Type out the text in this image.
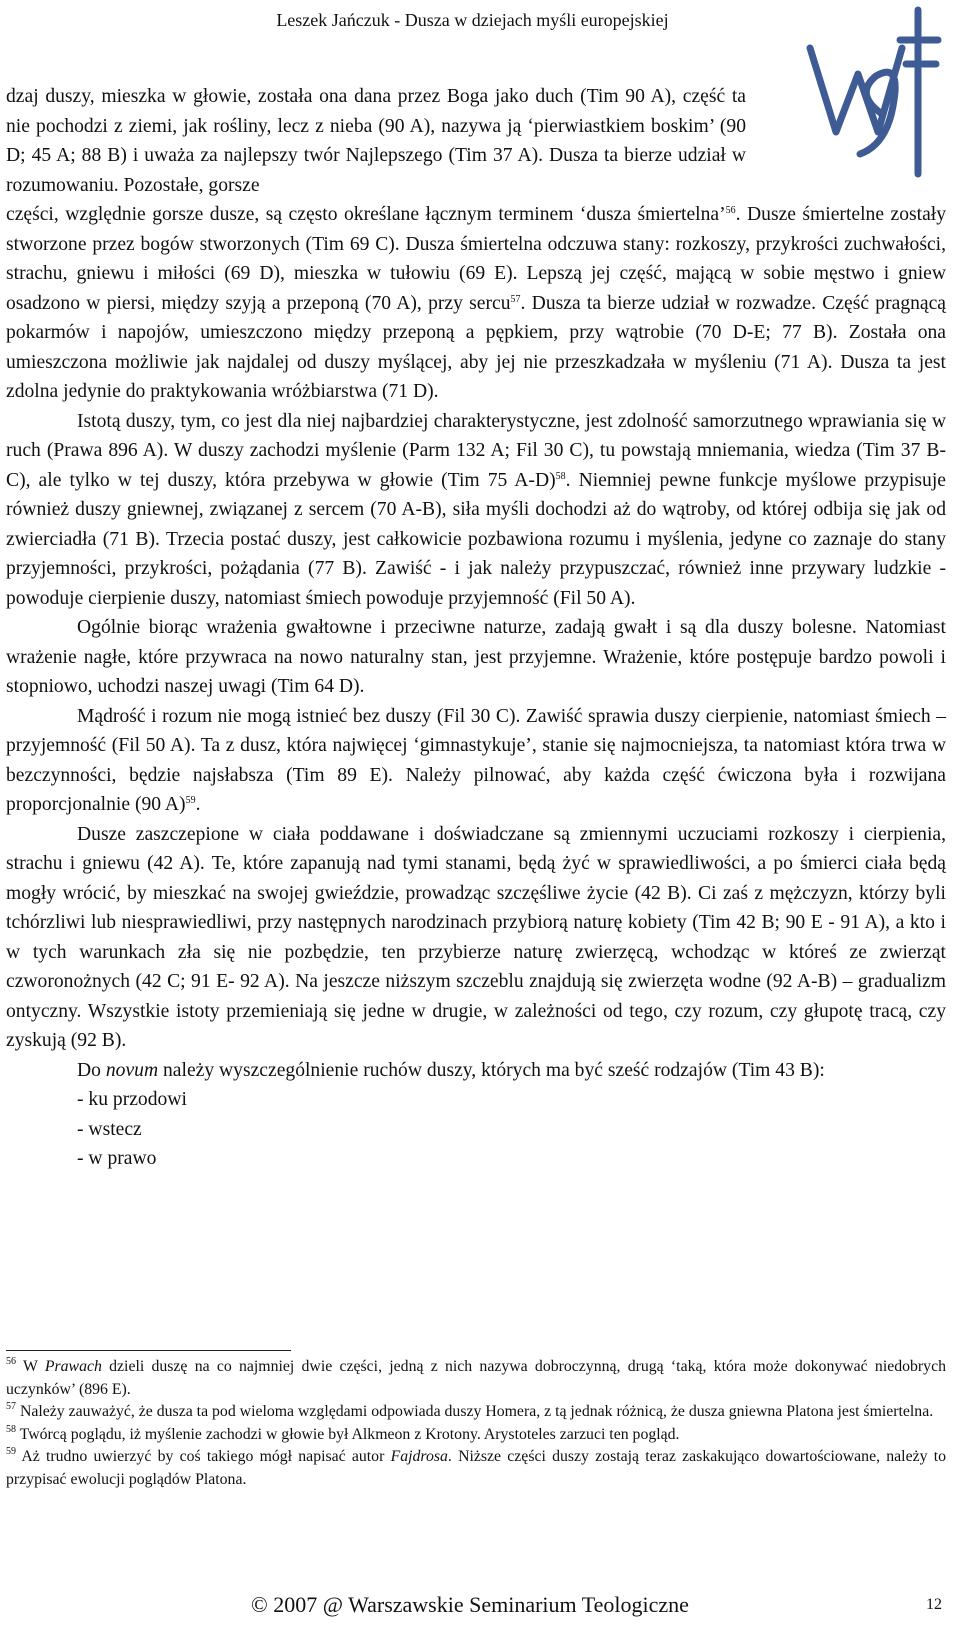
Leszek Jańczuk - Dusza w dziejach myśli europejskiej

dzaj duszy, mieszka w głowie, została ona dana przez Boga jako duch (Tim 90 A), część ta nie pochodzi z ziemi, jak rośliny, lecz z nieba (90 A), nazywa ją ‘pierwiastkiem boskim’ (90 D; 45 A; 88 B) i uważa za najlepszy twór Najlepszego (Tim 37 A). Dusza ta bierze udział w rozumowaniu. Pozostałe, gorsze

części, względnie gorsze dusze, są często określane łącznym terminem ‘dusza śmiertelna’$^{56}$. Dusze śmiertelne zostały stworzone przez bogów stworzonych (Tim 69 C). Dusza śmiertelna odczuwa stany: rozkoszy, przykrości zuchwałości, strachu, gniewu i miłości (69 D), mieszka w tułowiu (69 E). Lepszą jej część, mającą w sobie męstwo i gniew osadzono w piersi, między szyją a przeponą (70 A), przy sercu$^{57}$. Dusza ta bierze udział w rozwadze. Część pragnącą pokarmów i napojów, umieszczono między przeponą a pępkiem, przy wątrobie (70 D-E; 77 B). Została ona umieszczona możliwie jak najdalej od duszy myślącej, aby jej nie przeszkadzała w myśleniu (71 A). Dusza ta jest zdolna jedynie do praktykowania wróżbiarstwa (71 D).

Istotą duszy, tym, co jest dla niej najbardziej charakterystyczne, jest zdolność samorzutnego wprawiania się w ruch (Prawa 896 A). W duszy zachodzi myślenie (Parm 132 A; Fil 30 C), tu powstają mniemania, wiedza (Tim 37 B-C), ale tylko w tej duszy, która przebywa w głowie (Tim 75 A-D)$^{58}$. Niemniej pewne funkcje myślowe przypisuje również duszy gniewnej, związanej z sercem (70 A-B), siła myśli dochodzi aż do wątroby, od której odbija się jak od zwierciadła (71 B). Trzecia postać duszy, jest całkowicie pozbawiona rozumu i myślenia, jedyne co zaznaje do stany przyjemności, przykrości, pożądania (77 B). Zawiść - i jak należy przypuszczać, również inne przywary ludzkie - powoduje cierpienie duszy, natomiast śmiech powoduje przyjemność (Fil 50 A).

Ogólnie biorąc wrażenia gwałtowne i przeciwne naturze, zadają gwałt i są dla duszy bolesne. Natomiast wrażenie nagłe, które przywraca na nowo naturalny stan, jest przyjemne. Wrażenie, które postępuje bardzo powoli i stopniowo, uchodzi naszej uwagi (Tim 64 D).

Mądrość i rozum nie mogą istnieć bez duszy (Fil 30 C). Zawiść sprawia duszy cierpienie, natomiast śmiech – przyjemność (Fil 50 A). Ta z dusz, która najwięcej ‘gimnastykuje’, stanie się najmocniejsza, ta natomiast która trwa w bezczynności, będzie najsłabsza (Tim 89 E). Należy pilnować, aby każda część ćwiczona była i rozwijana proporcjonalnie (90 A)$^{59}$.

Dusze zaszczepione w ciała poddawane i doświadczane są zmiennymi uczuciami rozkoszy i cierpienia, strachu i gniewu (42 A). Te, które zapanują nad tymi stanami, będą żyć w sprawiedliwości, a po śmierci ciała będą mogły wrócić, by mieszkać na swojej gwieździe, prowadząc szczęśliwe życie (42 B). Ci zaś z mężczyzn, którzy byli tchórzliwi lub niesprawiedliwi, przy następnych narodzinach przybiorą naturę kobiety (Tim 42 B; 90 E - 91 A), a kto i w tych warunkach zła się nie pozbędzie, ten przybierze naturę zwierzęcą, wchodząc w któreś ze zwierząt czworonożnych (42 C; 91 E- 92 A). Na jeszcze niższym szczeblu znajdują się zwierzęta wodne (92 A-B) – gradualizm ontyczny. Wszystkie istoty przemieniają się jedne w drugie, w zależności od tego, czy rozum, czy głupotę tracą, czy zyskują (92 B).

Do novum należy wyszczególnienie ruchów duszy, których ma być sześć rodzajów (Tim 43 B):

- ku przodowi
- wstecz
- w prawo

$^{56}$ W Prawach dzieli duszę na co najmniej dwie części, jedną z nich nazywa dobroczynną, drugą ‘taką, która może dokonywać niedobrych uczynków’ (896 E).

$^{57}$ Należy zauważyć, że dusza ta pod wieloma względami odpowiada duszy Homera, z tą jednak różnicą, że dusza gniewna Platona jest śmiertelna.

$^{58}$ Twórcą poglądu, iż myślenie zachodzi w głowie był Alkmeon z Krotony. Arystoteles zarzuci ten pogląd.

$^{59}$ Aż trudno uwierzyć by coś takiego mógł napisać autor Fajdrosa. Niższe części duszy zostają teraz zaskakująco dowartościowane, należy to przypisać ewolucji poglądów Platona.

© 2007 @ Warszawskie Seminarium Teologiczne	12
